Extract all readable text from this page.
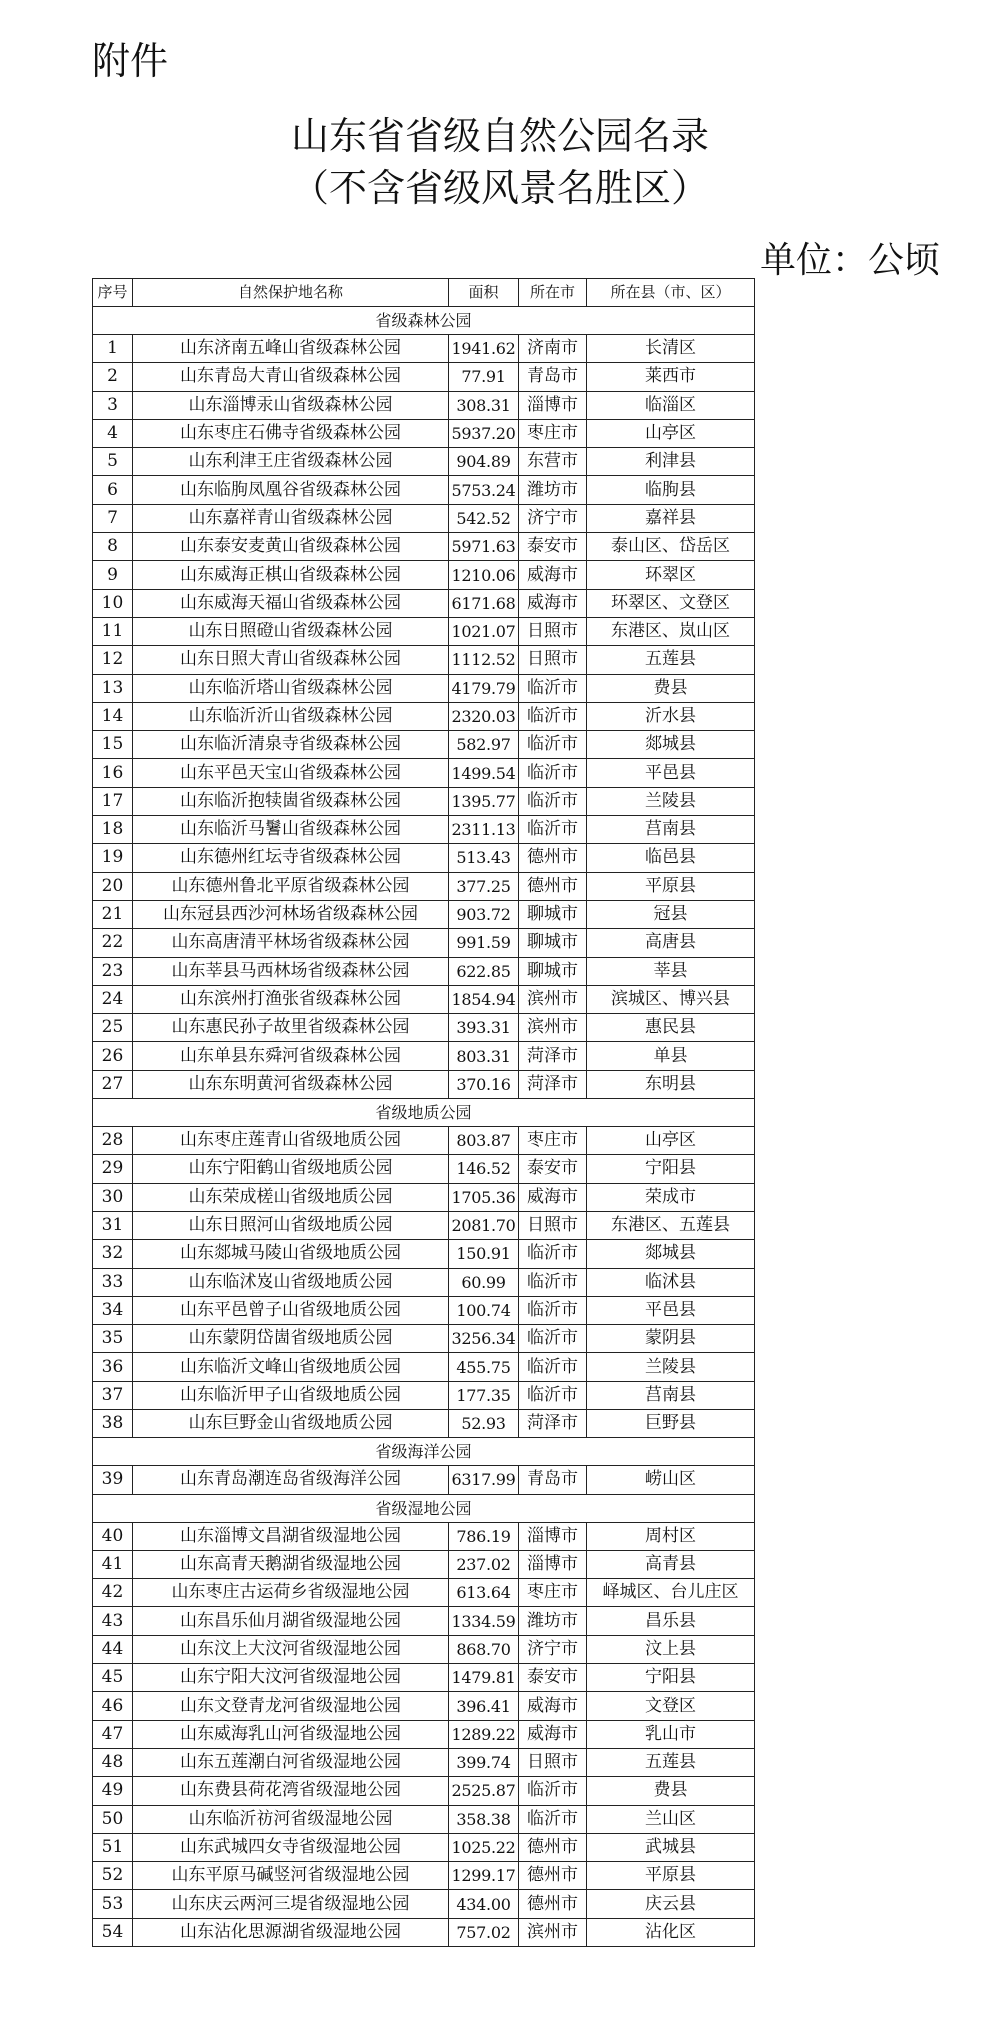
附件
山东省省级自然公园名录
（不含省级风景名胜区）
单位：公顷
序号	自然保护地名称	面积	所在市	所在县（市、区）
省级森林公园				
1	山东济南五峰山省级森林公园	1941.62	济南市	长清区
2	山东青岛大青山省级森林公园	77.91	青岛市	莱西市
3	山东淄博汞山省级森林公园	308.31	淄博市	临淄区
4	山东枣庄石佛寺省级森林公园	5937.20	枣庄市	山亭区
5	山东利津王庄省级森林公园	904.89	东营市	利津县
6	山东临朐凤凰谷省级森林公园	5753.24	潍坊市	临朐县
7	山东嘉祥青山省级森林公园	542.52	济宁市	嘉祥县
8	山东泰安麦黄山省级森林公园	5971.63	泰安市	泰山区、岱岳区
9	山东威海正棋山省级森林公园	1210.06	威海市	环翠区
10	山东威海天福山省级森林公园	6171.68	威海市	环翠区、文登区
11	山东日照磴山省级森林公园	1021.07	日照市	东港区、岚山区
12	山东日照大青山省级森林公园	1112.52	日照市	五莲县
13	山东临沂塔山省级森林公园	4179.79	临沂市	费县
14	山东临沂沂山省级森林公园	2320.03	临沂市	沂水县
15	山东临沂清泉寺省级森林公园	582.97	临沂市	郯城县
16	山东平邑天宝山省级森林公园	1499.54	临沂市	平邑县
17	山东临沂抱犊崮省级森林公园	1395.77	临沂市	兰陵县
18	山东临沂马鬐山省级森林公园	2311.13	临沂市	莒南县
19	山东德州红坛寺省级森林公园	513.43	德州市	临邑县
20	山东德州鲁北平原省级森林公园	377.25	德州市	平原县
21	山东冠县西沙河林场省级森林公园	903.72	聊城市	冠县
22	山东高唐清平林场省级森林公园	991.59	聊城市	高唐县
23	山东莘县马西林场省级森林公园	622.85	聊城市	莘县
24	山东滨州打渔张省级森林公园	1854.94	滨州市	滨城区、博兴县
25	山东惠民孙子故里省级森林公园	393.31	滨州市	惠民县
26	山东单县东舜河省级森林公园	803.31	菏泽市	单县
27	山东东明黄河省级森林公园	370.16	菏泽市	东明县
省级地质公园				
28	山东枣庄莲青山省级地质公园	803.87	枣庄市	山亭区
29	山东宁阳鹤山省级地质公园	146.52	泰安市	宁阳县
30	山东荣成槎山省级地质公园	1705.36	威海市	荣成市
31	山东日照河山省级地质公园	2081.70	日照市	东港区、五莲县
32	山东郯城马陵山省级地质公园	150.91	临沂市	郯城县
33	山东临沭岌山省级地质公园	60.99	临沂市	临沭县
34	山东平邑曾子山省级地质公园	100.74	临沂市	平邑县
35	山东蒙阴岱崮省级地质公园	3256.34	临沂市	蒙阴县
36	山东临沂文峰山省级地质公园	455.75	临沂市	兰陵县
37	山东临沂甲子山省级地质公园	177.35	临沂市	莒南县
38	山东巨野金山省级地质公园	52.93	菏泽市	巨野县
省级海洋公园				
39	山东青岛潮连岛省级海洋公园	6317.99	青岛市	崂山区
省级湿地公园				
40	山东淄博文昌湖省级湿地公园	786.19	淄博市	周村区
41	山东高青天鹅湖省级湿地公园	237.02	淄博市	高青县
42	山东枣庄古运荷乡省级湿地公园	613.64	枣庄市	峄城区、台儿庄区
43	山东昌乐仙月湖省级湿地公园	1334.59	潍坊市	昌乐县
44	山东汶上大汶河省级湿地公园	868.70	济宁市	汶上县
45	山东宁阳大汶河省级湿地公园	1479.81	泰安市	宁阳县
46	山东文登青龙河省级湿地公园	396.41	威海市	文登区
47	山东威海乳山河省级湿地公园	1289.22	威海市	乳山市
48	山东五莲潮白河省级湿地公园	399.74	日照市	五莲县
49	山东费县荷花湾省级湿地公园	2525.87	临沂市	费县
50	山东临沂祊河省级湿地公园	358.38	临沂市	兰山区
51	山东武城四女寺省级湿地公园	1025.22	德州市	武城县
52	山东平原马碱竖河省级湿地公园	1299.17	德州市	平原县
53	山东庆云两河三堤省级湿地公园	434.00	德州市	庆云县
54	山东沾化思源湖省级湿地公园	757.02	滨州市	沾化区
